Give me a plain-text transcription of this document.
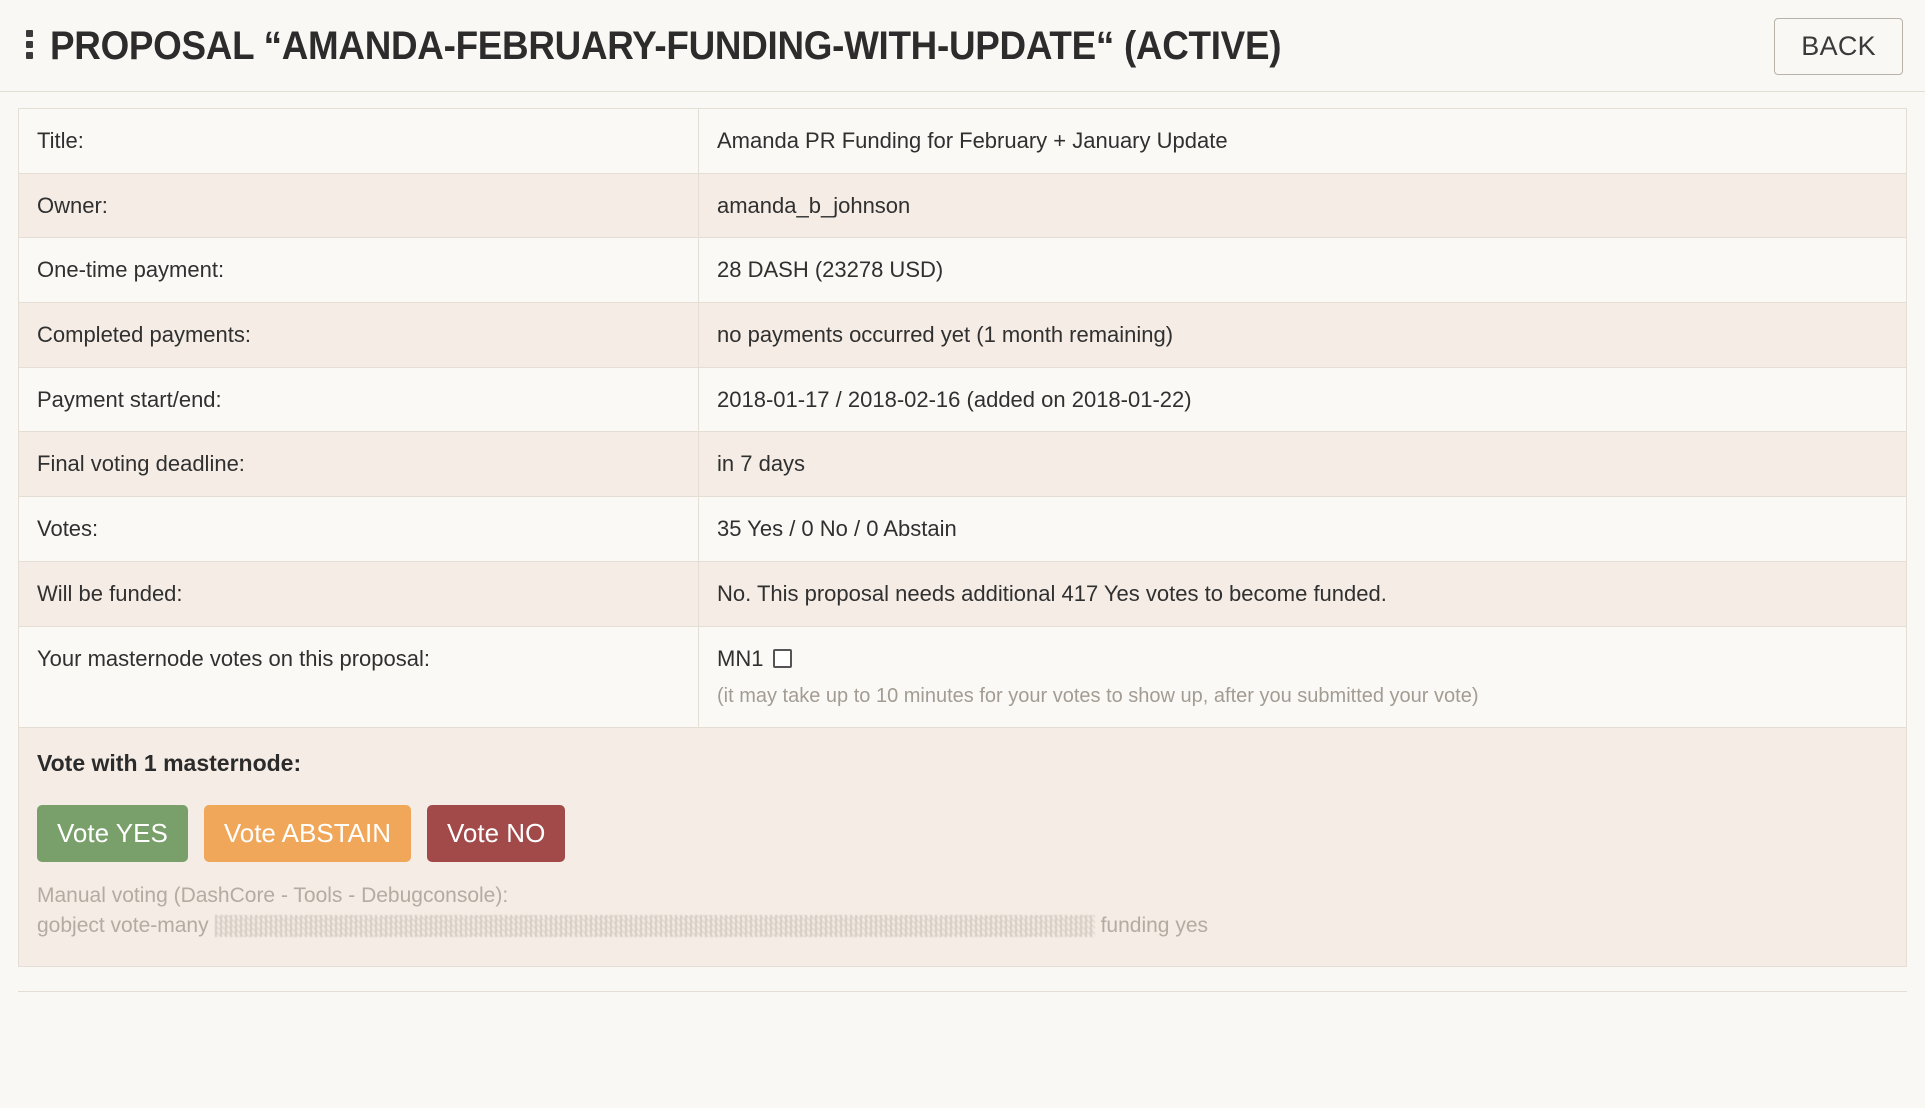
PROPOSAL “AMANDA-FEBRUARY-FUNDING-WITH-UPDATE“ (ACTIVE)	BACK
Title:	Amanda PR Funding for February + January Update
Owner:	amanda_b_johnson
One-time payment:	28 DASH (23278 USD)
Completed payments:	no payments occurred yet (1 month remaining)
Payment start/end:	2018-01-17 / 2018-02-16 (added on 2018-01-22)
Final voting deadline:	in 7 days
Votes:	35 Yes / 0 No / 0 Abstain
Will be funded:	No. This proposal needs additional 417 Yes votes to become funded.
Your masternode votes on this proposal:	MN1
(it may take up to 10 minutes for your votes to show up, after you submitted your vote)
Vote with 1 masternode:
Vote YES	Vote ABSTAIN	Vote NO
Manual voting (DashCore - Tools - Debugconsole):
gobject vote-many	funding yes
